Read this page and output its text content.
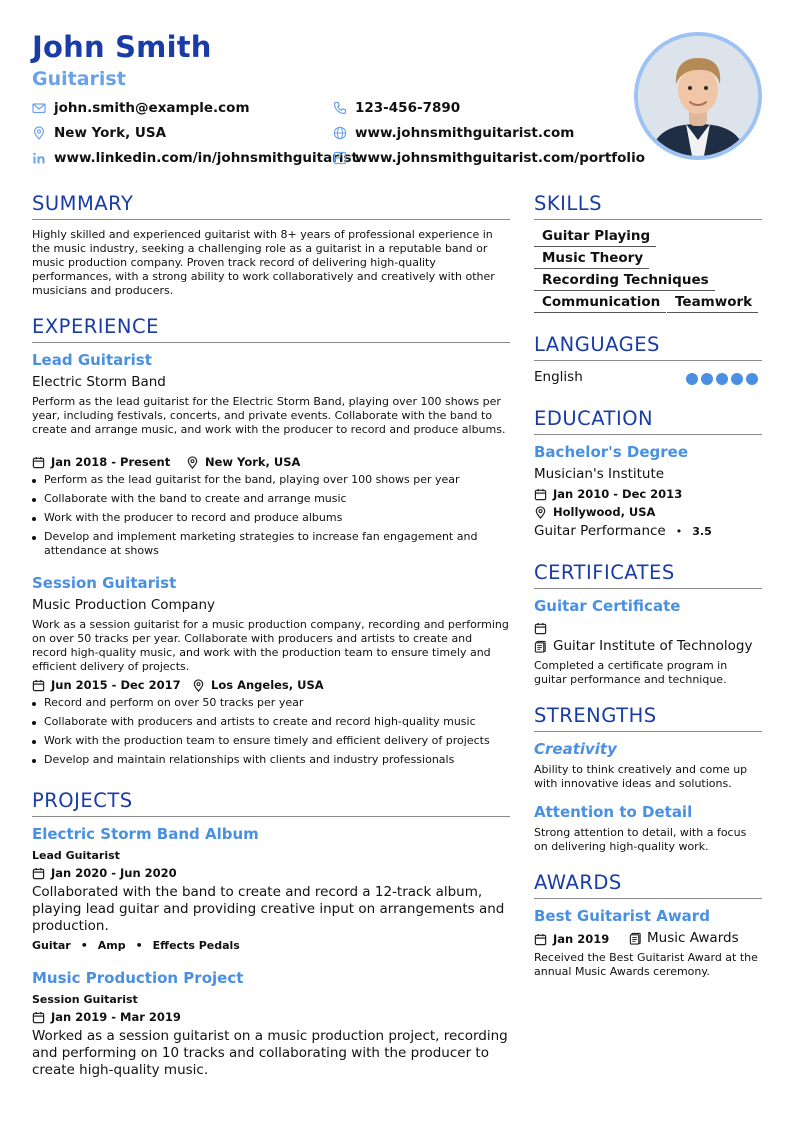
John Smith
Guitarist
john.smith@example.com	123-456-7890
New York, USA	www.johnsmithguitarist.com
www.linkedin.com/in/johnsmithguitarist
www.johnsmithguitarist.com/portfolio
SUMMARY
Highly skilled and experienced guitarist with 8+ years of professional experience in the music industry, seeking a challenging role as a guitarist in a reputable band or music production company. Proven track record of delivering high-quality performances, with a strong ability to work collaboratively and creatively with other musicians and producers.
EXPERIENCE
Lead Guitarist
Electric Storm Band
Perform as the lead guitarist for the Electric Storm Band, playing over 100 shows per year, including festivals, concerts, and private events. Collaborate with the band to create and arrange music, and work with the producer to record and produce albums.
Jan 2018 - Present	New York, USA
Perform as the lead guitarist for the band, playing over 100 shows per year
Collaborate with the band to create and arrange music
Work with the producer to record and produce albums
Develop and implement marketing strategies to increase fan engagement and attendance at shows
Session Guitarist
Music Production Company
Work as a session guitarist for a music production company, recording and performing on over 50 tracks per year. Collaborate with producers and artists to create and record high-quality music, and work with the production team to ensure timely and efficient delivery of projects.
Jun 2015 - Dec 2017	Los Angeles, USA
Record and perform on over 50 tracks per year
Collaborate with producers and artists to create and record high-quality music
Work with the production team to ensure timely and efficient delivery of projects
Develop and maintain relationships with clients and industry professionals
PROJECTS
Electric Storm Band Album
Lead Guitarist
Jan 2020 - Jun 2020
Collaborated with the band to create and record a 12-track album, playing lead guitar and providing creative input on arrangements and production.
Guitar • Amp • Effects Pedals
Music Production Project
Session Guitarist
Jan 2019 - Mar 2019
Worked as a session guitarist on a music production project, recording and performing on 10 tracks and collaborating with the producer to create high-quality music.
SKILLS
Guitar Playing
Music Theory
Recording Techniques
Communication	Teamwork
LANGUAGES
English
EDUCATION
Bachelor's Degree
Musician's Institute
Jan 2010 - Dec 2013
Hollywood, USA
Guitar Performance • 3.5
CERTIFICATES
Guitar Certificate
Guitar Institute of Technology
Completed a certificate program in guitar performance and technique.
STRENGTHS
Creativity
Ability to think creatively and come up with innovative ideas and solutions.
Attention to Detail
Strong attention to detail, with a focus on delivering high-quality work.
AWARDS
Best Guitarist Award
Jan 2019	Music Awards
Received the Best Guitarist Award at the annual Music Awards ceremony.
